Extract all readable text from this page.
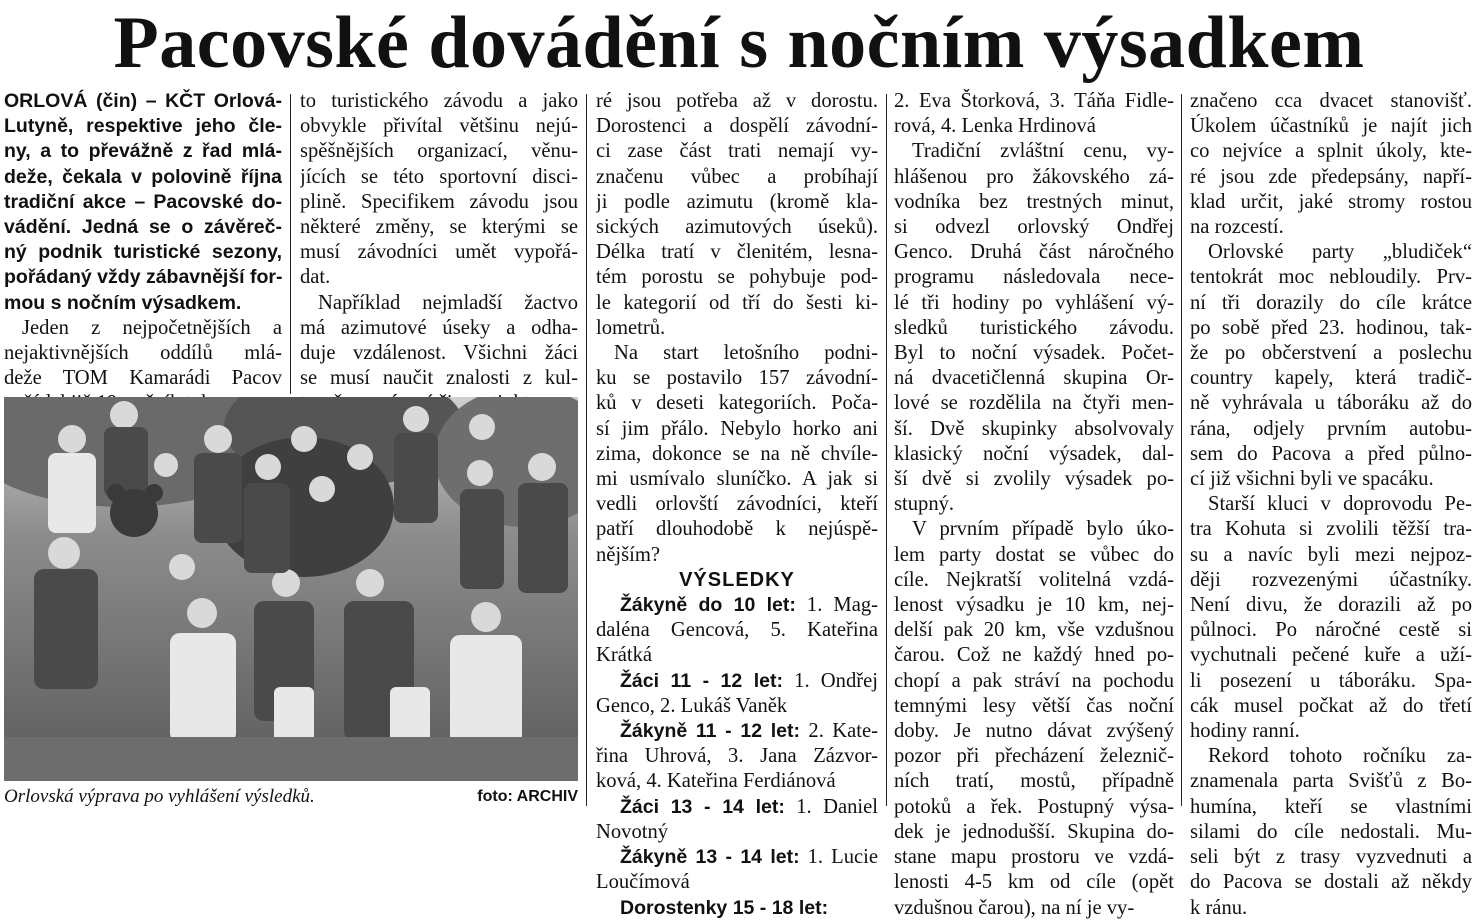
Pacovské dovádění s nočním výsadkem
ORLOVÁ (čin) – KČT Orlová-
Lutyně, respektive jeho čle-
ny, a to převážně z řad mlá-
deže, čekala v polovině října
tradiční akce – Pacovské do-
vádění. Jedná se o závěreč-
ný podnik turistické sezony,
pořádaný vždy zábavnější for-
mou s nočním výsadkem.
Jeden z nejpočetnějších a
nejaktivnějších oddílů mlá-
deže TOM Kamarádi Pacov
to turistického závodu a jako
obvykle přivítal většinu nejú-
spěšnějších organizací, věnu-
jících se této sportovní disci-
plině. Specifikem závodu jsou
některé změny, se kterými se
musí závodníci umět vypořá-
dat.
Například nejmladší žactvo
má azimutové úseky a odha-
duje vzdálenost. Všichni žáci
se musí naučit znalosti z kul-
Orlovská výprava po vyhlášení výsledků.	foto: ARCHIV
ré jsou potřeba až v dorostu.
Dorostenci a dospělí závodní-
ci zase část trati nemají vy-
značenu vůbec a probíhají
ji podle azimutu (kromě kla-
sických azimutových úseků).
Délka tratí v členitém, lesna-
tém porostu se pohybuje pod-
le kategorií od tří do šesti ki-
lometrů.
Na start letošního podni-
ku se postavilo 157 závodní-
ků v deseti kategoriích. Poča-
sí jim přálo. Nebylo horko ani
zima, dokonce se na ně chvíle-
mi usmívalo sluníčko. A jak si
vedli orlovští závodníci, kteří
patří dlouhodobě k nejúspě-
nějším?
VÝSLEDKY
Žákyně do 10 let: 1. Mag-
daléna Gencová, 5. Kateřina
Krátká
Žáci 11 - 12 let: 1. Ondřej
Genco, 2. Lukáš Vaněk
Žákyně 11 - 12 let: 2. Kate-
řina Uhrová, 3. Jana Zázvor-
ková, 4. Kateřina Ferdiánová
Žáci 13 - 14 let: 1. Daniel
Novotný
Žákyně 13 - 14 let: 1. Lucie
Loučímová
Dorostenky 15 - 18 let:
2. Eva Štorková, 3. Táňa Fidle-
rová, 4. Lenka Hrdinová
Tradiční zvláštní cenu, vy-
hlášenou pro žákovského zá-
vodníka bez trestných minut,
si odvezl orlovský Ondřej
Genco. Druhá část náročného
programu následovala nece-
lé tři hodiny po vyhlášení vý-
sledků turistického závodu.
Byl to noční výsadek. Počet-
ná dvacetičlenná skupina Or-
lové se rozdělila na čtyři men-
ší. Dvě skupinky absolvovaly
klasický noční výsadek, dal-
ší dvě si zvolily výsadek po-
stupný.
V prvním případě bylo úko-
lem party dostat se vůbec do
cíle. Nejkratší volitelná vzdá-
lenost výsadku je 10 km, nej-
delší pak 20 km, vše vzdušnou
čarou. Což ne každý hned po-
chopí a pak stráví na pochodu
temnými lesy větší čas noční
doby. Je nutno dávat zvýšený
pozor při přecházení železnič-
ních tratí, mostů, případně
potoků a řek. Postupný výsa-
dek je jednodušší. Skupina do-
stane mapu prostoru ve vzdá-
lenosti 4-5 km od cíle (opět
vzdušnou čarou), na ní je vy-
značeno cca dvacet stanovišť.
Úkolem účastníků je najít jich
co nejvíce a splnit úkoly, kte-
ré jsou zde předepsány, napří-
klad určit, jaké stromy rostou
na rozcestí.
Orlovské party „bludiček“
tentokrát moc nebloudily. Prv-
ní tři dorazily do cíle krátce
po sobě před 23. hodinou, tak-
že po občerstvení a poslechu
country kapely, která tradič-
ně vyhrávala u táboráku až do
rána, odjely prvním autobu-
sem do Pacova a před půlno-
cí již všichni byli ve spacáku.
Starší kluci v doprovodu Pe-
tra Kohuta si zvolili těžší tra-
su a navíc byli mezi nejpoz-
ději rozvezenými účastníky.
Není divu, že dorazili až po
půlnoci. Po náročné cestě si
vychutnali pečené kuře a uží-
li posezení u táboráku. Spa-
cák musel počkat až do třetí
hodiny ranní.
Rekord tohoto ročníku za-
znamenala parta Svišťů z Bo-
humína, kteří se vlastními
silami do cíle nedostali. Mu-
seli být z trasy vyzvednuti a
do Pacova se dostali až někdy
k ránu.
